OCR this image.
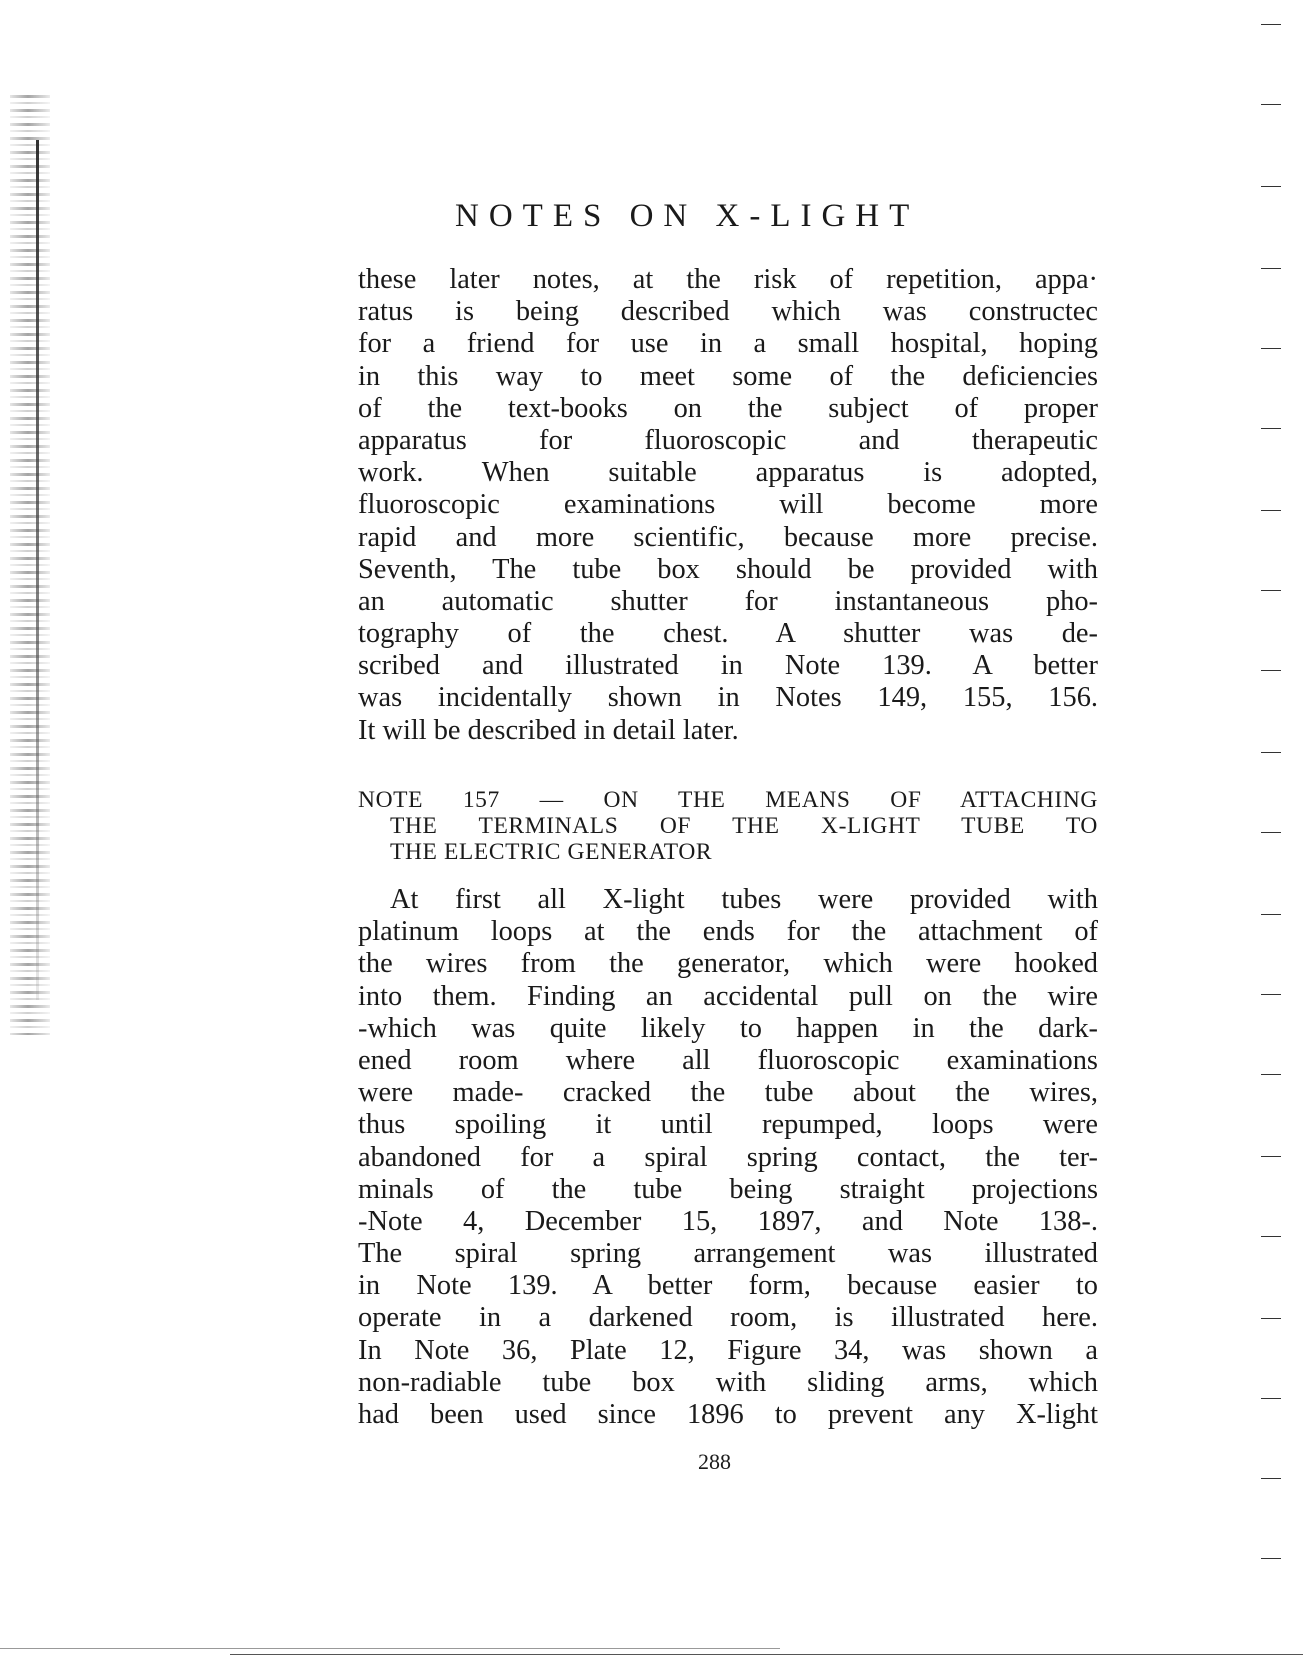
NOTES ON X-LIGHT
these later notes, at the risk of repetition, appa·
ratus is being described which was constructec
for a friend for use in a small hospital, hoping
in this way to meet some of the deficiencies
of the text-books on the subject of proper
apparatus for fluoroscopic and therapeutic
work. When suitable apparatus is adopted,
fluoroscopic examinations will become more
rapid and more scientific, because more precise.
Seventh, The tube box should be provided with
an automatic shutter for instantaneous pho-
tography of the chest. A shutter was de-
scribed and illustrated in Note 139. A better
was incidentally shown in Notes 149, 155, 156.
It will be described in detail later.
NOTE 157 — ON THE MEANS OF ATTACHING
THE TERMINALS OF THE X-LIGHT TUBE TO
THE ELECTRIC GENERATOR
At first all X-light tubes were provided with
platinum loops at the ends for the attachment of
the wires from the generator, which were hooked
into them. Finding an accidental pull on the wire
-which was quite likely to happen in the dark-
ened room where all fluoroscopic examinations
were made- cracked the tube about the wires,
thus spoiling it until repumped, loops were
abandoned for a spiral spring contact, the ter-
minals of the tube being straight projections
-Note 4, December 15, 1897, and Note 138-.
The spiral spring arrangement was illustrated
in Note 139. A better form, because easier to
operate in a darkened room, is illustrated here.
In Note 36, Plate 12, Figure 34, was shown a
non-radiable tube box with sliding arms, which
had been used since 1896 to prevent any X-light
288
